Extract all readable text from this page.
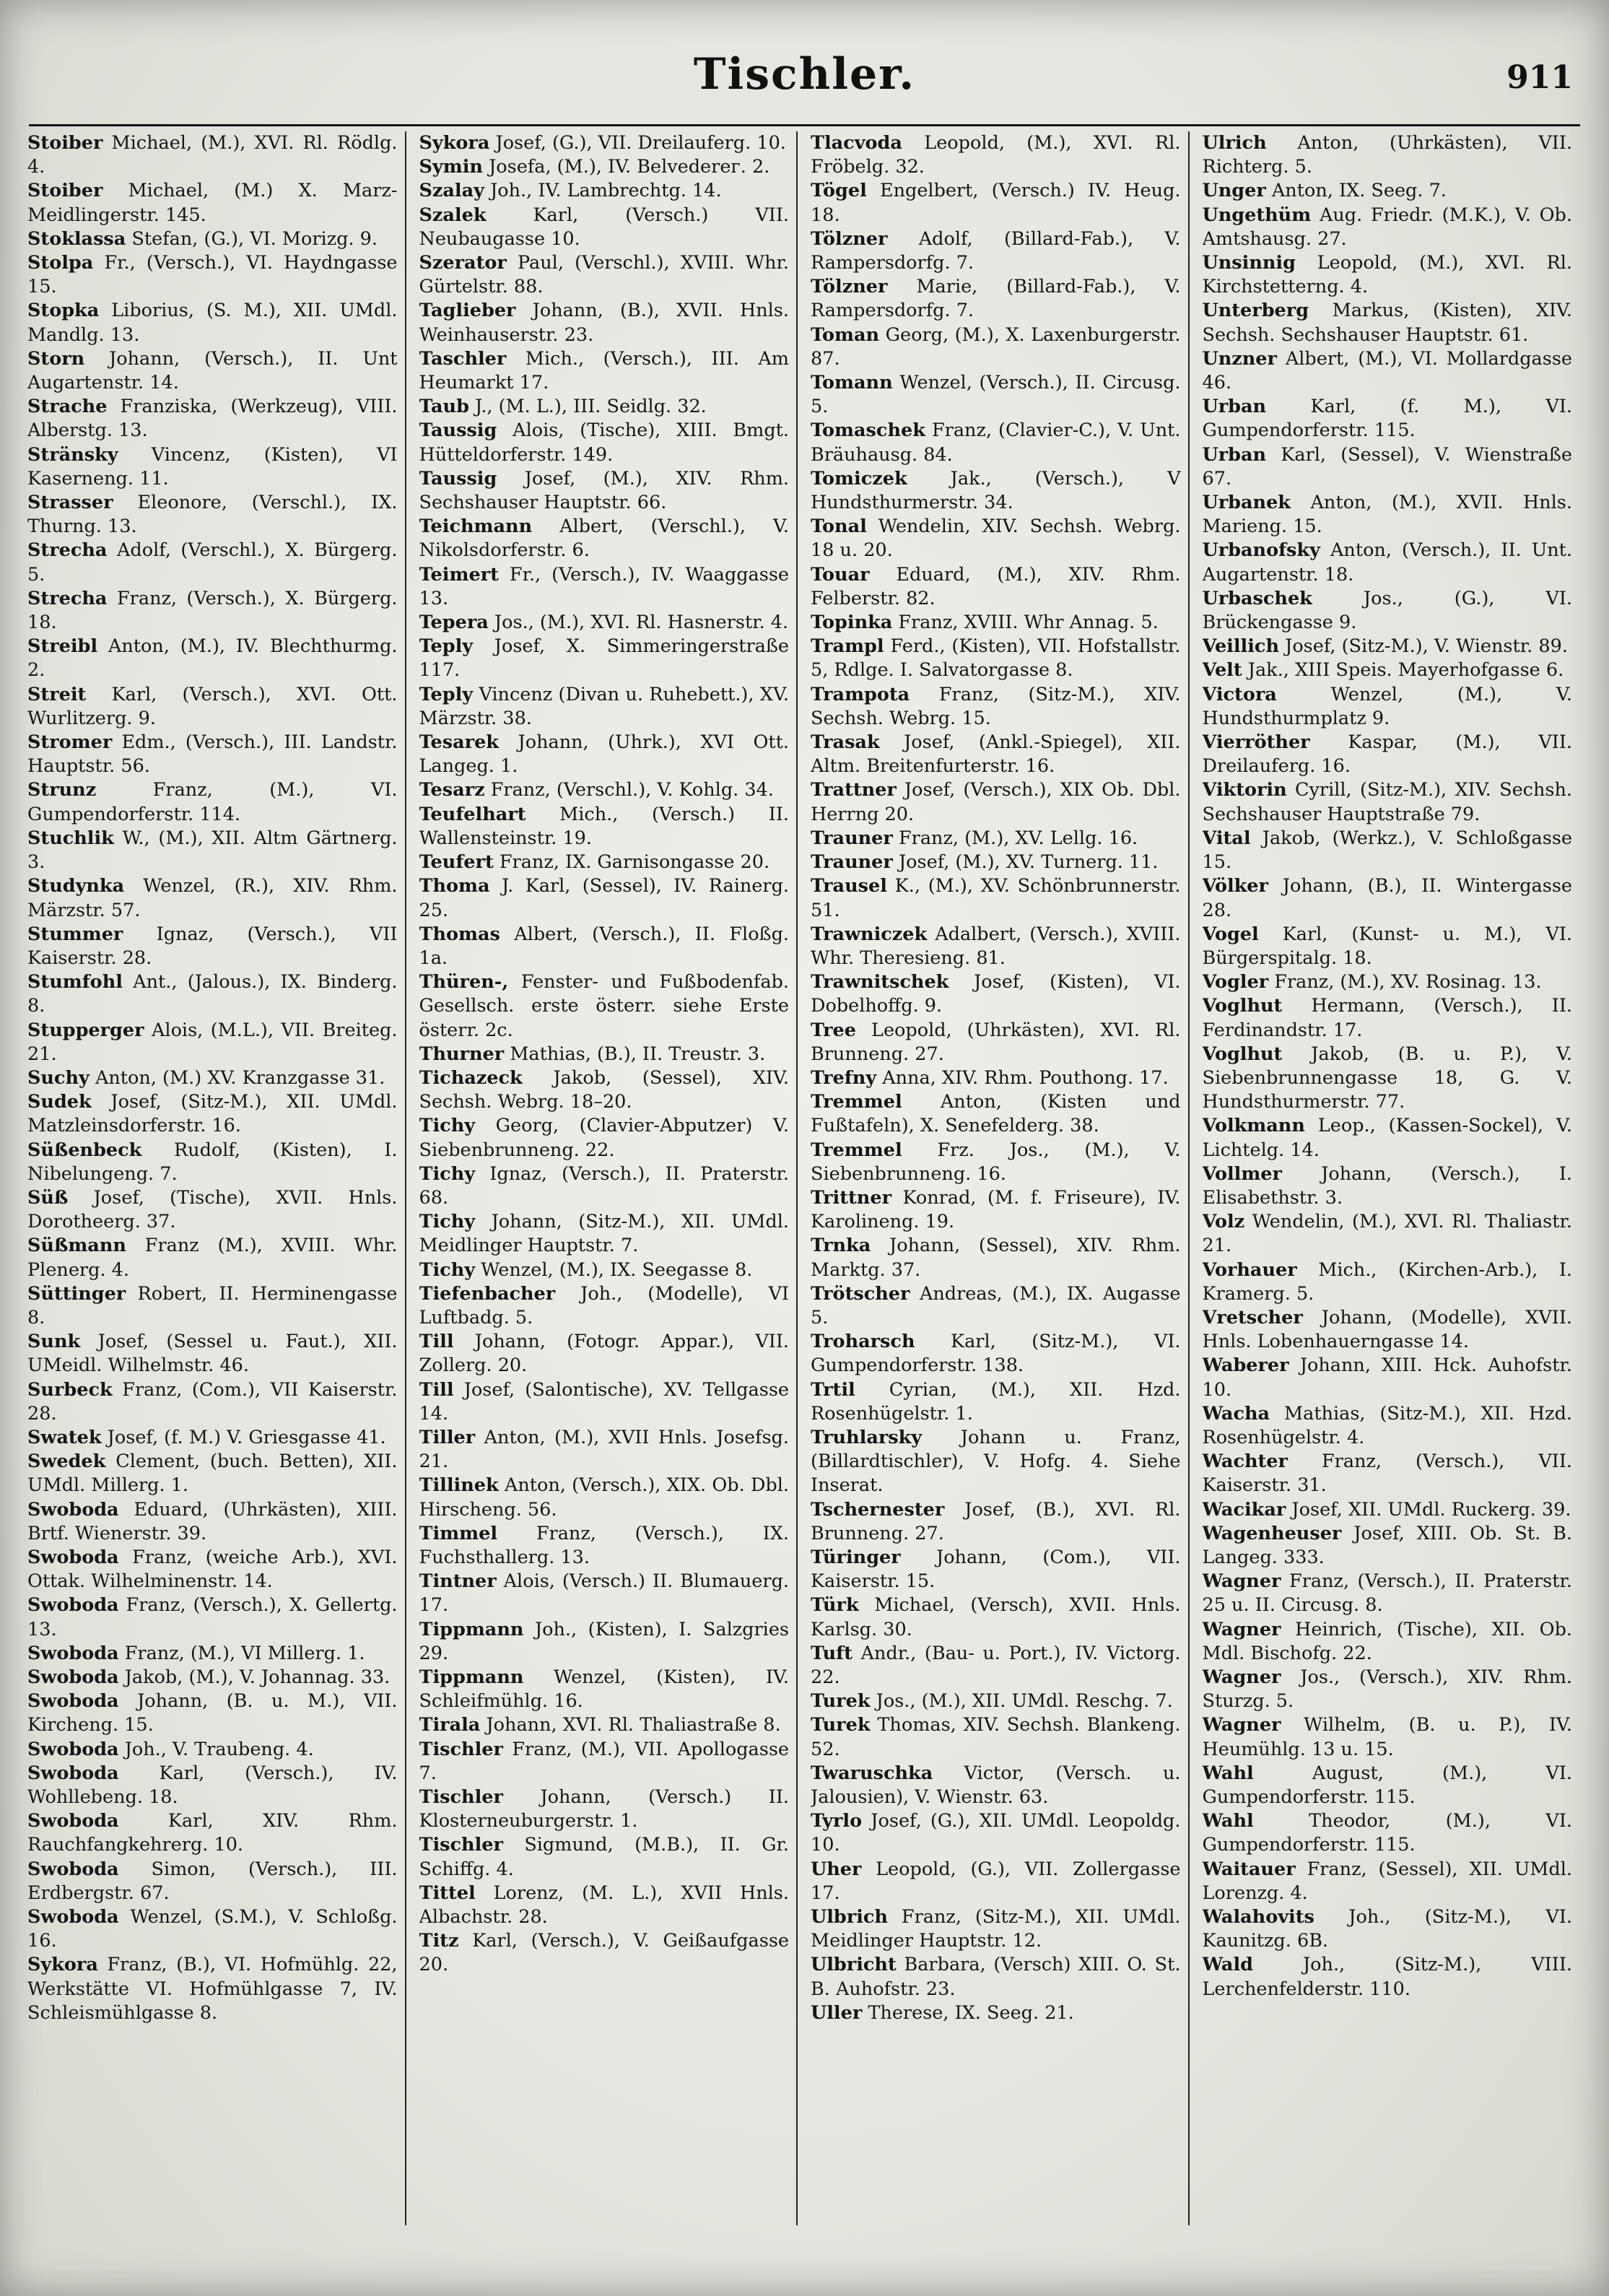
Tischler.	911

Stoiber Michael, (M.), XVI. Rl. Rödlg. 4.

Stoiber Michael, (M.) X. Marz- Meidlingerstr. 145.

Stoklassa Stefan, (G.), VI. Morizg. 9.

Stolpa Fr., (Versch.), VI. Haydngasse 15.

Stopka Liborius, (S. M.), XII. UMdl. Mandlg. 13.

Storn Johann, (Versch.), II. Unt Augartenstr. 14.

Strache Franziska, (Werkzeug), VIII. Alberstg. 13.

Stränsky Vincenz, (Kisten), VI Kaserneng. 11.

Strasser Eleonore, (Verschl.), IX. Thurng. 13.

Strecha Adolf, (Verschl.), X. Bürgerg. 5.

Strecha Franz, (Versch.), X. Bürgerg. 18.

Streibl Anton, (M.), IV. Blechthurmg. 2.

Streit Karl, (Versch.), XVI. Ott. Wurlitzerg. 9.

Stromer Edm., (Versch.), III. Landstr. Hauptstr. 56.

Strunz	Franz, (M.), VI. Gumpendorferstr. 114.

Stuchlik W., (M.), XII. Altm Gärtnerg. 3.

Studynka Wenzel, (R.), XIV. Rhm. Märzstr. 57.

Stummer Ignaz, (Versch.), VII Kaiserstr. 28.

Stumfohl Ant., (Jalous.), IX. Binderg. 8.

Stupperger Alois, (M.L.), VII. Breiteg. 21.

Suchy Anton, (M.) XV. Kranzgasse 31.

Sudek Josef, (Sitz-M.), XII. UMdl. Matzleinsdorferstr. 16.

Süßenbeck Rudolf, (Kisten), I. Nibelungeng. 7.

Süß Josef, (Tische), XVII. Hnls. Dorotheerg. 37.

Süßmann Franz (M.), XVIII. Whr. Plenerg. 4.

Süttinger Robert, II. Herminengasse 8.

Sunk Josef, (Sessel u. Faut.), XII. UMeidl. Wilhelmstr. 46.

Surbeck Franz, (Com.), VII Kaiserstr. 28.

Swatek Josef, (f. M.) V. Griesgasse 41.

Swedek Clement, (buch. Betten), XII. UMdl. Millerg. 1.

Swoboda Eduard, (Uhrkästen), XIII. Brtf. Wienerstr. 39.

Swoboda Franz, (weiche Arb.), XVI. Ottak. Wilhelminenstr. 14.

Swoboda Franz, (Versch.), X. Gellertg. 13.

Swoboda Franz, (M.), VI Millerg. 1.

Swoboda Jakob, (M.), V. Johannag. 33.

Swoboda Johann, (B. u. M.), VII. Kircheng. 15.

Swoboda Joh., V. Traubeng. 4.

Swoboda Karl, (Versch.), IV. Wohllebeng. 18.

Swoboda	Karl, XIV. Rhm. Rauchfangkehrerg. 10.

Swoboda Simon, (Versch.), III. Erdbergstr. 67.

Swoboda Wenzel, (S.M.), V. Schloßg. 16.

Sykora Franz, (B.), VI. Hofmühlg. 22, Werkstätte VI. Hofmühlgasse 7, IV. Schleismühlgasse 8.

Sykora Josef, (G.), VII. Dreilauferg. 10.

Symin Josefa, (M.), IV. Belvederег. 2.

Szalay Joh., IV. Lambrechtg. 14.

Szalek	Karl, (Versch.) VII. Neubaugasse 10.

Szerator Paul, (Verschl.), XVIII. Whr. Gürtelstr. 88.

Taglieber Johann, (B.), XVII. Hnls. Weinhauserstr. 23.

Taschler Mich., (Versch.), III. Am Heumarkt 17.

Taub J., (M. L.), III. Seidlg. 32.

Taussig Alois, (Tische), XIII. Bmgt. Hütteldorferstr. 149.

Taussig Josef, (M.), XIV. Rhm. Sechshauser Hauptstr. 66.

Teichmann Albert, (Verschl.), V. Nikolsdorferstr. 6.

Teimert Fr., (Versch.), IV. Waaggasse 13.

Tepera Jos., (M.), XVI. Rl. Hasnerstr. 4.

Teply Josef, X. Simmeringerstraße 117.

Teply Vincenz (Divan u. Ruhebett.), XV. Märzstr. 38.

Tesarek Johann, (Uhrk.), XVI Ott. Langeg. 1.

Tesarz Franz, (Verschl.), V. Kohlg. 34.

Teufelhart Mich., (Versch.) II. Wallensteinstr. 19.

Teufert Franz, IX. Garnisongasse 20.

Thoma J. Karl, (Sessel), IV. Rainerg. 25.

Thomas Albert, (Versch.), II. Floßg. 1a.

Thüren-, Fenster- und Fußbodenfab. Gesellsch. erste österr. siehe Erste österr. 2c.

Thurner Mathias, (B.), II. Treustr. 3.

Tichazeck Jakob, (Sessel), XIV. Sechsh. Webrg. 18–20.

Tichy Georg, (Clavier-Abputzer) V. Siebenbrunneng. 22.

Tichy Ignaz, (Versch.), II. Praterstr. 68.

Tichy Johann, (Sitz-M.), XII. UMdl. Meidlinger Hauptstr. 7.

Tichy Wenzel, (M.), IX. Seegasse 8.

Tiefenbacher Joh., (Modelle), VI Luftbadg. 5.

Till Johann, (Fotogr. Appar.), VII. Zollerg. 20.

Till Josef, (Salontische), XV. Tellgasse 14.

Tiller Anton, (M.), XVII Hnls. Josefsg. 21.

Tillinek Anton, (Versch.), XIX. Ob. Dbl. Hirscheng. 56.

Timmel Franz, (Versch.), IX. Fuchsthallerg. 13.

Tintner Alois, (Versch.) II. Blumauerg. 17.

Tippmann Joh., (Kisten), I. Salzgries 29.

Tippmann Wenzel, (Kisten), IV. Schleifmühlg. 16.

Tirala Johann, XVI. Rl. Thaliastraße 8.

Tischler Franz, (M.), VII. Apollogasse 7.

Tischler Johann, (Versch.) II. Klosterneuburgerstr. 1.

Tischler Sigmund, (M.B.), II. Gr. Schiffg. 4.

Tittel Lorenz, (M. L.), XVII Hnls. Albachstr. 28.

Titz Karl, (Versch.), V. Geißaufgasse 20.

Tlacvoda Leopold, (M.), XVI. Rl. Fröbelg. 32.

Tögel Engelbert, (Versch.) IV. Heug. 18.

Tölzner Adolf, (Billard-Fab.), V. Rampersdorfg. 7.

Tölzner Marie, (Billard-Fab.), V. Rampersdorfg. 7.

Toman Georg, (M.), X. Laxenburgerstr. 87.

Tomann Wenzel, (Versch.), II. Circusg. 5.

Tomaschek Franz, (Clavier-C.), V. Unt. Bräuhausg. 84.

Tomiczek Jak., (Versch.), V Hundsthurmerstr. 34.

Tonal Wendelin, XIV. Sechsh. Webrg. 18 u. 20.

Touar Eduard, (M.), XIV. Rhm. Felberstr. 82.

Topinka Franz, XVIII. Whr Annag. 5.

Trampl Ferd., (Kisten), VII. Hofstallstr. 5, Rdlge. I. Salvatorgasse 8.

Trampota Franz, (Sitz-M.), XIV. Sechsh. Webrg. 15.

Trasak Josef, (Ankl.-Spiegel), XII. Altm. Breitenfurterstr. 16.

Trattner Josef, (Versch.), XIX Ob. Dbl. Herrng 20.

Trauner Franz, (M.), XV. Lellg. 16.

Trauner Josef, (M.), XV. Turnerg. 11.

Trausel K., (M.), XV. Schönbrunnerstr. 51.

Trawniczek Adalbert, (Versch.), XVIII. Whr. Theresieng. 81.

Trawnitschek Josef, (Kisten), VI. Dobelhoffg. 9.

Tree Leopold, (Uhrkästen), XVI. Rl. Brunneng. 27.

Trefny Anna, XIV. Rhm. Pouthong. 17.

Tremmel Anton, (Kisten und Fußtafeln), X. Senefelderg. 38.

Tremmel Frz. Jos., (M.), V. Siebenbrunneng. 16.

Trittner Konrad, (M. f. Friseure), IV. Karolineng. 19.

Trnka Johann, (Sessel), XIV. Rhm. Marktg. 37.

Trötscher Andreas, (M.), IX. Augasse 5.

Troharsch Karl, (Sitz-M.), VI. Gumpendorferstr. 138.

Trtil Cyrian, (M.), XII. Hzd. Rosenhügelstr. 1.

Truhlarsky Johann u. Franz, (Billardtischler), V. Hofg. 4. Siehe Inserat.

Tschernester Josef, (B.), XVI. Rl. Brunneng. 27.

Türinger Johann, (Com.), VII. Kaiserstr. 15.

Türk Michael, (Versch), XVII. Hnls. Karlsg. 30.

Tuft Andr., (Bau- u. Port.), IV. Victorg. 22.

Turek Jos., (M.), XII. UMdl. Reschg. 7.

Turek Thomas, XIV. Sechsh. Blankeng. 52.

Twaruschka Victor, (Versch. u. Jalousien), V. Wienstr. 63.

Tyrlo Josef, (G.), XII. UMdl. Leopoldg. 10.

Uher Leopold, (G.), VII. Zollergasse 17.

Ulbrich Franz, (Sitz-M.), XII. UMdl. Meidlinger Hauptstr. 12.

Ulbricht Barbara, (Versch) XIII. O. St. B. Auhofstr. 23.

Uller Therese, IX. Seeg. 21.

Ulrich Anton, (Uhrkästen), VII. Richterg. 5.

Unger Anton, IX. Seeg. 7.

Ungethüm Aug. Friedr. (M.K.), V. Ob. Amtshausg. 27.

Unsinnig Leopold, (M.), XVI. Rl. Kirchstetterng. 4.

Unterberg Markus, (Kisten), XIV. Sechsh. Sechshauser Hauptstr. 61.

Unzner Albert, (M.), VI. Mollardgasse 46.

Urban Karl, (f. M.), VI. Gumpendorferstr. 115.

Urban Karl, (Sessel), V. Wienstraße 67.

Urbanek Anton, (M.), XVII. Hnls. Marieng. 15.

Urbanofsky Anton, (Versch.), II. Unt. Augartenstr. 18.

Urbaschek	Jos., (G.), VI. Brückengasse 9.

Veillich Josef, (Sitz-M.), V. Wienstr. 89.

Velt Jak., XIII Speis. Mayerhofgasse 6.

Victora	Wenzel, (M.), V. Hundsthurmplatz 9.

Vierröther Kaspar, (M.), VII. Dreilauferg. 16.

Viktorin Cyrill, (Sitz-M.), XIV. Sechsh. Sechshauser Hauptstraße 79.

Vital Jakob, (Werkz.), V. Schloßgasse 15.

Völker Johann, (B.), II. Wintergasse 28.

Vogel Karl, (Kunst- u. M.), VI. Bürgerspitalg. 18.

Vogler Franz, (M.), XV. Rosinag. 13.

Voglhut Hermann, (Versch.), II. Ferdinandstr. 17.

Voglhut Jakob, (B. u. P.), V. Siebenbrunnengasse 18, G. V. Hundsthurmerstr. 77.

Volkmann Leop., (Kassen-Sockel), V. Lichtelg. 14.

Vollmer Johann, (Versch.), I. Elisabethstr. 3.

Volz Wendelin, (M.), XVI. Rl. Thaliastr. 21.

Vorhauer Mich., (Kirchen-Arb.), I. Kramerg. 5.

Vretscher Johann, (Modelle), XVII. Hnls. Lobenhauerngasse 14.

Waberer Johann, XIII. Hck. Auhofstr. 10.

Wacha Mathias, (Sitz-M.), XII. Hzd. Rosenhügelstr. 4.

Wachter Franz, (Versch.), VII. Kaiserstr. 31.

Wacikar Josef, XII. UMdl. Ruckerg. 39.

Wagenheuser Josef, XIII. Ob. St. B. Langeg. 333.

Wagner Franz, (Versch.), II. Praterstr. 25 u. II. Circusg. 8.

Wagner Heinrich, (Tische), XII. Ob. Mdl. Bischofg. 22.

Wagner Jos., (Versch.), XIV. Rhm. Sturzg. 5.

Wagner Wilhelm, (B. u. P.), IV. Heumühlg. 13 u. 15.

Wahl	August, (M.), VI. Gumpendorferstr. 115.

Wahl	Theodor, (M.), VI. Gumpendorferstr. 115.

Waitauer Franz, (Sessel), XII. UMdl. Lorenzg. 4.

Walahovits Joh., (Sitz-M.), VI. Kaunitzg. 6B.

Wald	Joh., (Sitz-M.), VIII. Lerchenfelderstr. 110.
